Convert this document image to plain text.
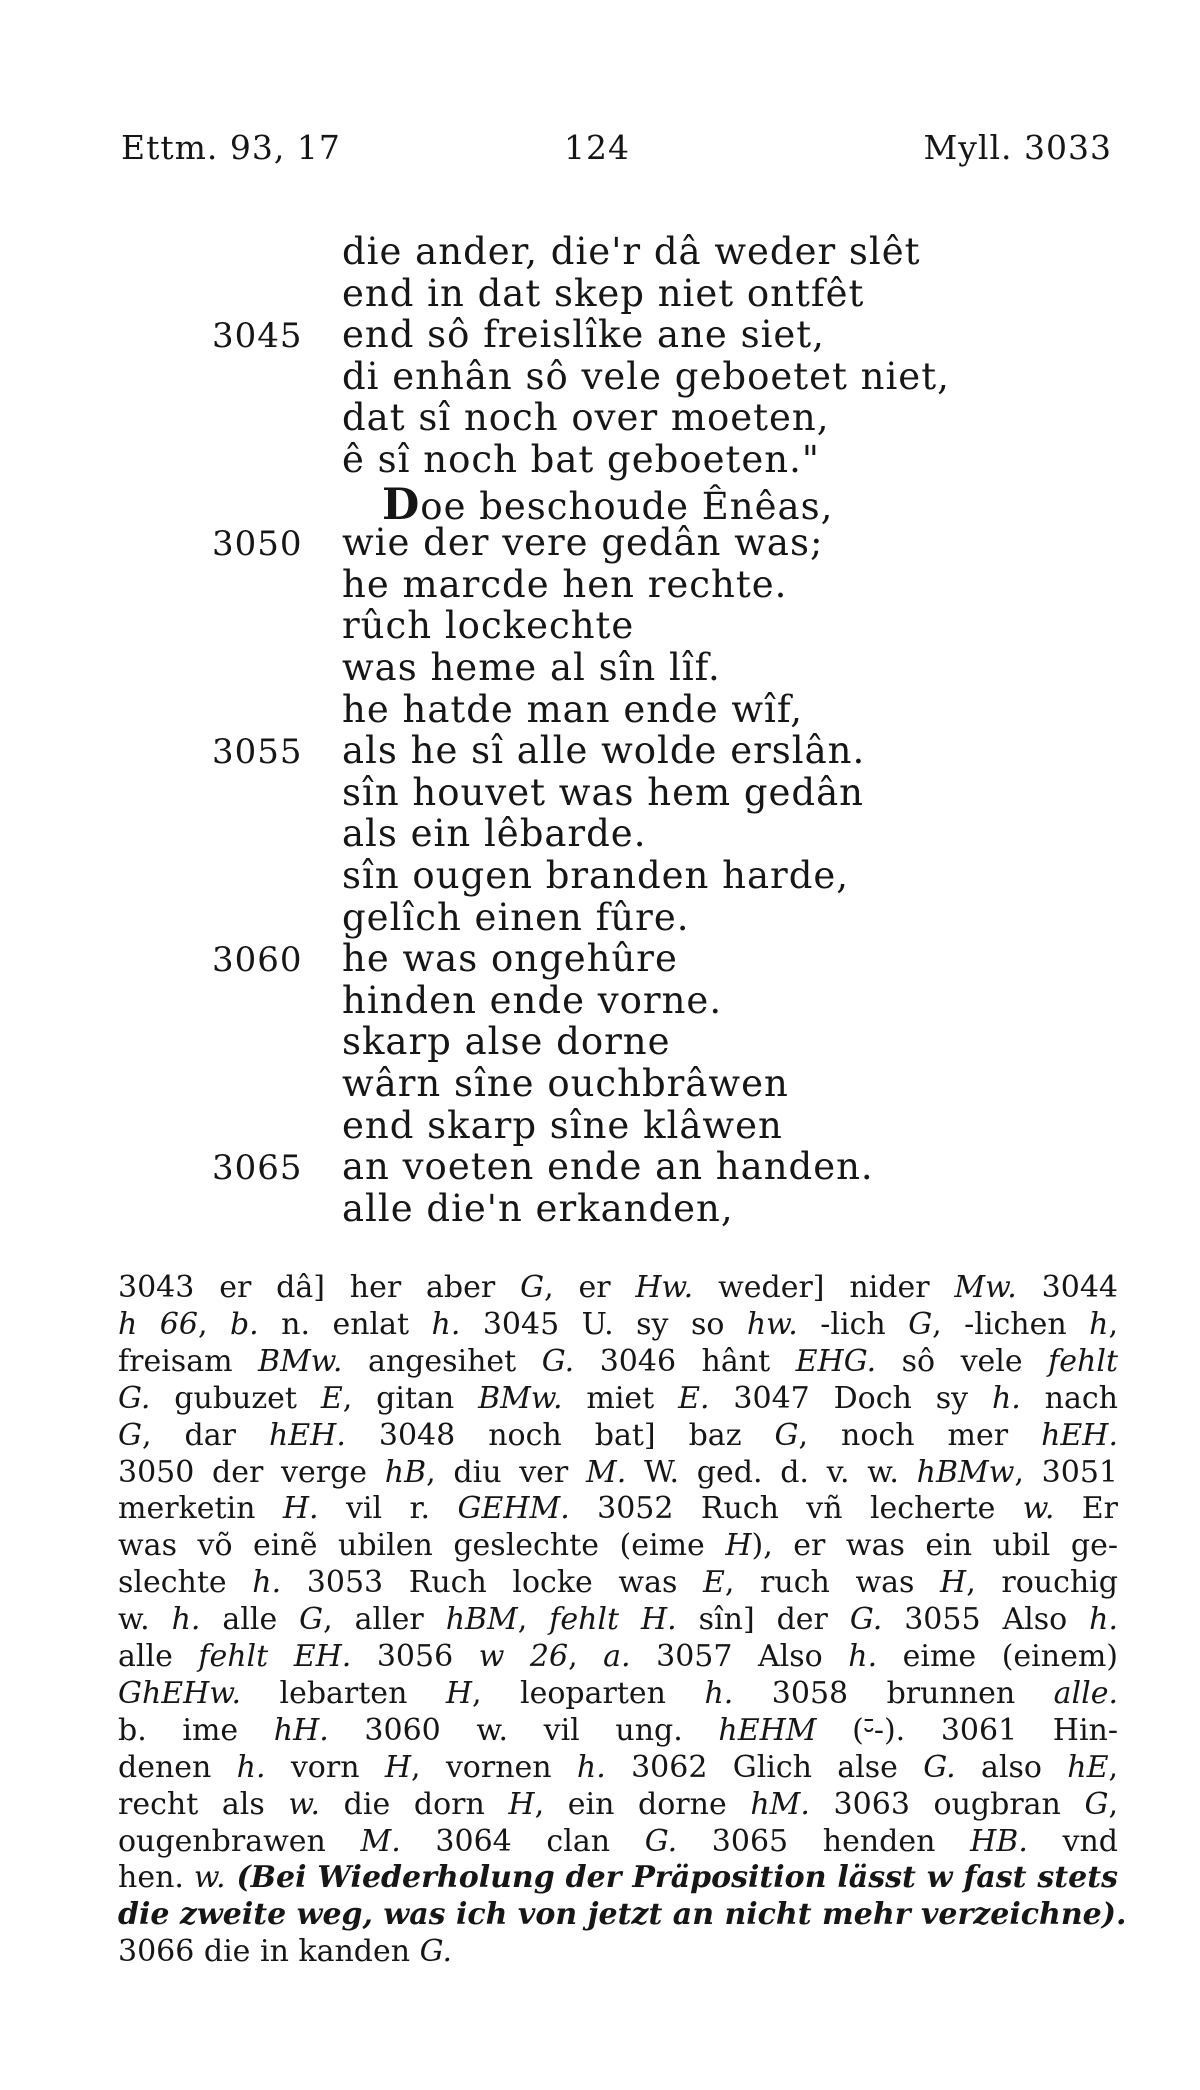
Ettm. 93, 17	124	Myll. 3033
die ander, die'r dâ weder slêt
end in dat skep niet ontfêt
3045 end sô freislîke ane siet,
di enhân sô vele geboetet niet,
dat sî noch over moeten,
ê sî noch bat geboeten."
Doe beschoude Ênêas,
3050 wie der vere gedân was;
he marcde hen rechte.
rûch lockechte
was heme al sîn lîf.
he hatde man ende wîf,
3055 als he sî alle wolde erslân.
sîn houvet was hem gedân
als ein lêbarde.
sîn ougen branden harde,
gelîch einen fûre.
3060 he was ongehûre
hinden ende vorne.
skarp alse dorne
wârn sîne ouchbrâwen
end skarp sîne klâwen
3065 an voeten ende an handen.
alle die'n erkanden,
3043 er dâ] her aber G, er Hw. weder] nider Mw. 3044
h 66, b. n. enlat h. 3045 U. sy so hw. -lich G, -lichen h,
freisam BMw. angesihet G. 3046 hânt EHG. sô vele fehlt
G. gubuzet E, gitan BMw. miet E. 3047 Doch sy h. nach
G, dar hEH. 3048 noch bat] baz G, noch mer hEH.
3050 der verge hB, diu ver M. W. ged. d. v. w. hBMw, 3051
merketin H. vil r. GEHM. 3052 Ruch vñ lecherte w. Er
was võ einẽ ubilen geslechte (eime H), er was ein ubil ge-
slechte h. 3053 Ruch locke was E, ruch was H, rouchig
w. h. alle G, aller hBM, fehlt H. sîn] der G. 3055 Also h.
alle fehlt EH. 3056 w 26, a. 3057 Also h. eime (einem)
GhEHw. lebarten H, leoparten h. 3058 brunnen alle.
b. ime hH. 3060 w. vil ung. hEHM (⏑̄-). 3061 Hin-
denen h. vorn H, vornen h. 3062 Glich alse G. also hE,
recht als w. die dorn H, ein dorne hM. 3063 ougbran G,
ougenbrawen M. 3064 clan G. 3065 henden HB. vnd
hen. w. (Bei Wiederholung der Präposition lässt w fast stets
die zweite weg, was ich von jetzt an nicht mehr verzeichne).
3066 die in kanden G.
